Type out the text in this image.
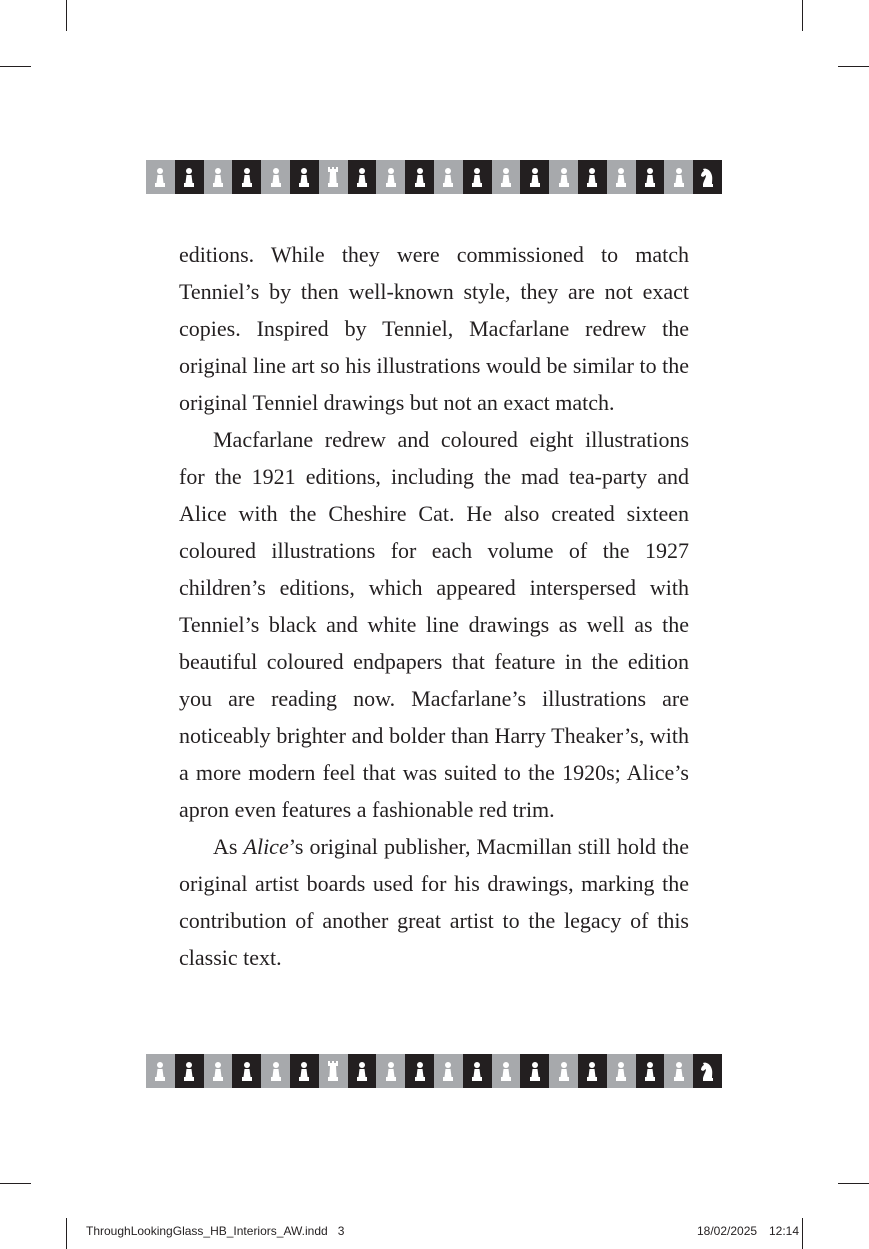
editions. While they were commissioned to match Tenniel’s by then well-known style, they are not exact copies. Inspired by Tenniel, Macfarlane redrew the original line art so his illustrations would be similar to the original Tenniel drawings but not an exact match.

Macfarlane redrew and coloured eight illustrations for the 1921 editions, including the mad tea-party and Alice with the Cheshire Cat. He also created sixteen coloured illustrations for each volume of the 1927 children’s editions, which appeared interspersed with Tenniel’s black and white line drawings as well as the beautiful coloured endpapers that feature in the edition you are reading now. Macfarlane’s illustrations are noticeably brighter and bolder than Harry Theaker’s, with a more modern feel that was suited to the 1920s; Alice’s apron even features a fashionable red trim.

As Alice’s original publisher, Macmillan still hold the original artist boards used for his drawings, marking the contribution of another great artist to the legacy of this classic text.

ThroughLookingGlass_HB_Interiors_AW.indd   3	18/02/2025 12:14
